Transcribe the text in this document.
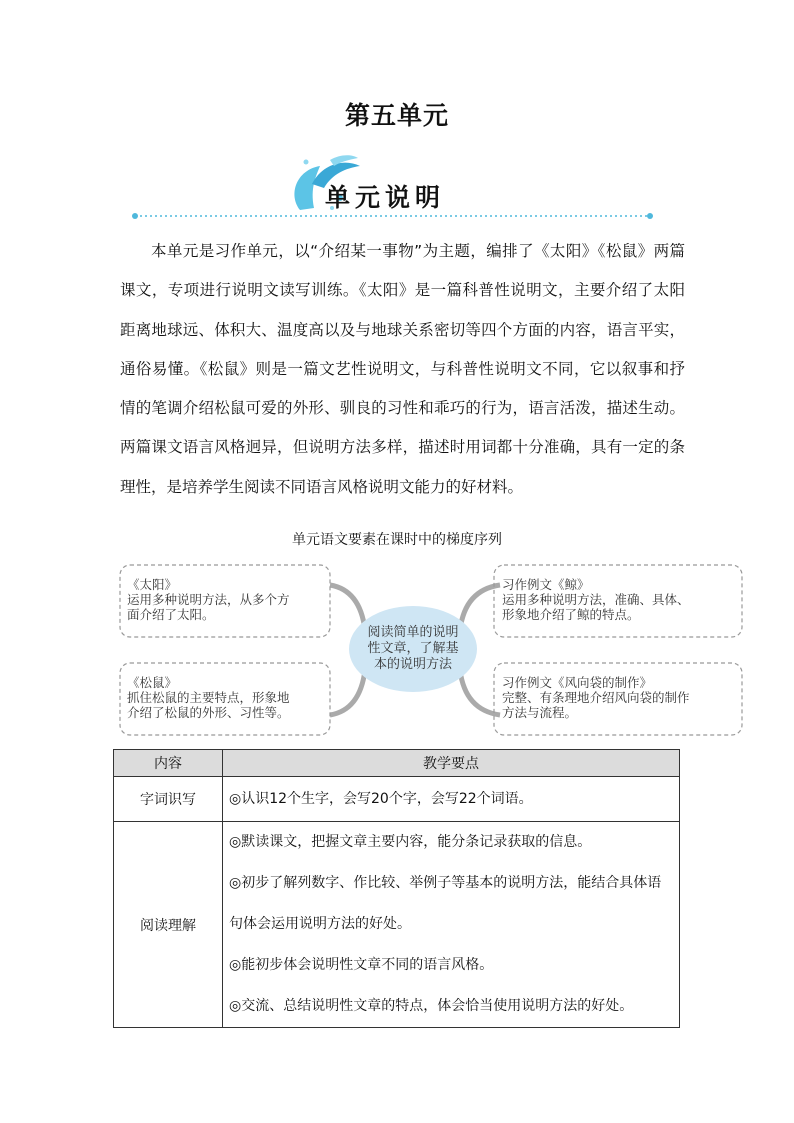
第五单元
单元说明

本单元是习作单元，以“介绍某一事物”为主题，编排了《太阳》《松鼠》两篇课文，专项进行说明文读写训练。《太阳》是一篇科普性说明文，主要介绍了太阳距离地球远、体积大、温度高以及与地球关系密切等四个方面的内容，语言平实，通俗易懂。《松鼠》则是一篇文艺性说明文，与科普性说明文不同，它以叙事和抒情的笔调介绍松鼠可爱的外形、驯良的习性和乖巧的行为，语言活泼，描述生动。两篇课文语言风格迥异，但说明方法多样，描述时用词都十分准确，具有一定的条理性，是培养学生阅读不同语言风格说明文能力的好材料。

单元语文要素在课时中的梯度序列
阅读简单的说明
性文章，了解基
本的说明方法
《太阳》
运用多种说明方法，从多个方
面介绍了太阳。
《松鼠》
抓住松鼠的主要特点，形象地
介绍了松鼠的外形、习性等。
习作例文《鲸》
运用多种说明方法，准确、具体、
形象地介绍了鲸的特点。
习作例文《风向袋的制作》
完整、有条理地介绍风向袋的制作
方法与流程。
内容	教学要点
字词识写	◎认识12个生字，会写20个字，会写22个词语。

阅读理解	◎默读课文，把握文章主要内容，能分条记录获取的信息。
◎初步了解列数字、作比较、举例子等基本的说明方法，能结合具体语句体会运用说明方法的好处。
◎能初步体会说明性文章不同的语言风格。
◎交流、总结说明性文章的特点，体会恰当使用说明方法的好处。
